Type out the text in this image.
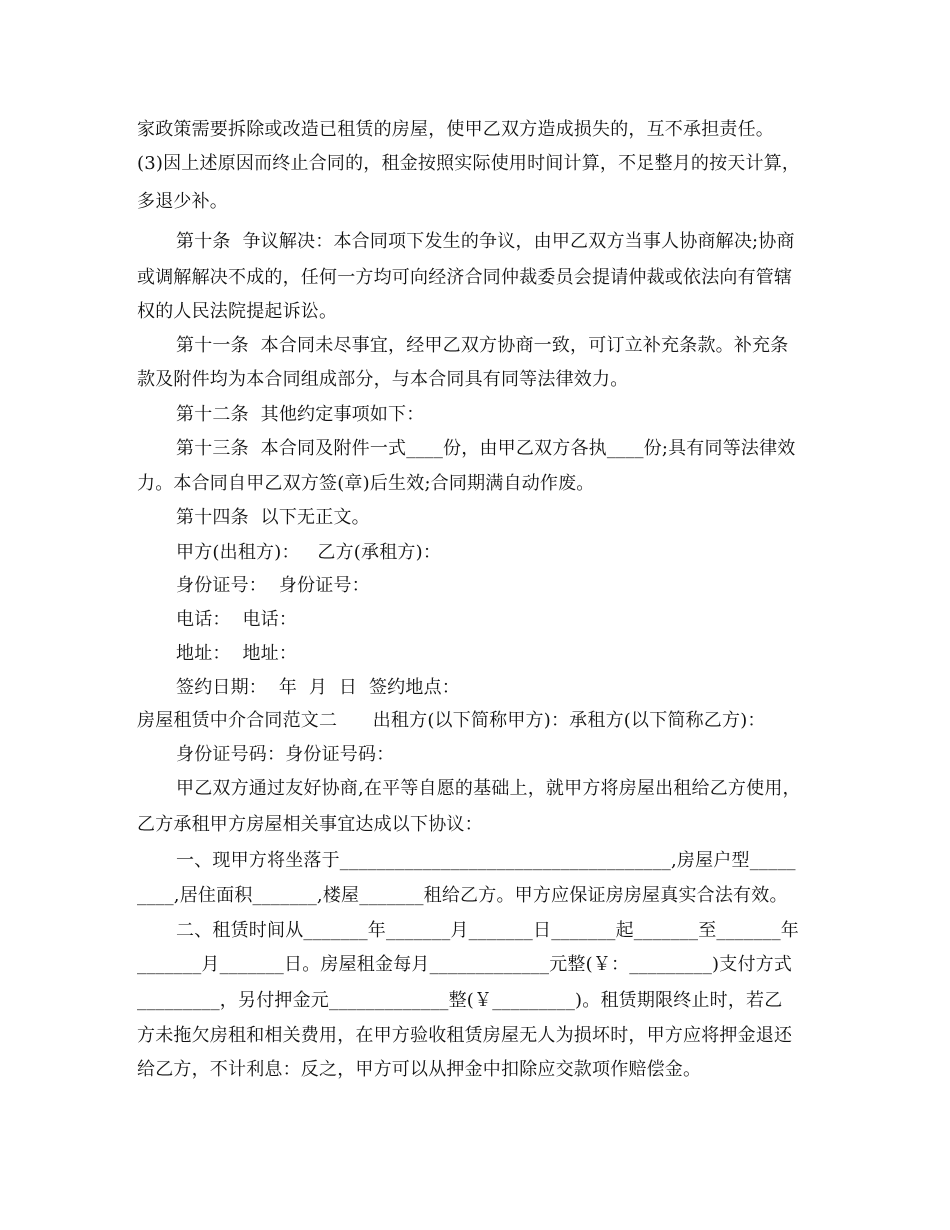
家政策需要拆除或改造已租赁的房屋，使甲乙双方造成损失的，互不承担责任。
(3)因上述原因而终止合同的，租金按照实际使用时间计算，不足整月的按天计算，
多退少补。
第十条  争议解决：本合同项下发生的争议，由甲乙双方当事人协商解决;协商
或调解解决不成的，任何一方均可向经济合同仲裁委员会提请仲裁或依法向有管辖
权的人民法院提起诉讼。
第十一条  本合同未尽事宜，经甲乙双方协商一致，可订立补充条款。补充条
款及附件均为本合同组成部分，与本合同具有同等法律效力。
第十二条  其他约定事项如下：
第十三条  本合同及附件一式____份，由甲乙双方各执____份;具有同等法律效
力。本合同自甲乙双方签(章)后生效;合同期满自动作废。
第十四条  以下无正文。
甲方(出租方)：   乙方(承租方)：
身份证号：  身份证号：
电话：  电话：
地址：  地址：
签约日期：  年  月  日  签约地点：
房屋租赁中介合同范文二      出租方(以下简称甲方)：承租方(以下简称乙方)：
身份证号码：身份证号码：
甲乙双方通过友好协商,在平等自愿的基础上，就甲方将房屋出租给乙方使用，
乙方承租甲方房屋相关事宜达成以下协议：
一、现甲方将坐落于____________________________________,房屋户型_____
____,居住面积_______,楼屋_______租给乙方。甲方应保证房房屋真实合法有效。
二、租赁时间从_______年_______月_______日_______起_______至_______年
_______月_______日。房屋租金每月_____________元整(￥：_________)支付方式
_________，另付押金元_____________整(￥_________)。租赁期限终止时，若乙
方未拖欠房租和相关费用，在甲方验收租赁房屋无人为损坏时，甲方应将押金退还
给乙方，不计利息：反之，甲方可以从押金中扣除应交款项作赔偿金。
